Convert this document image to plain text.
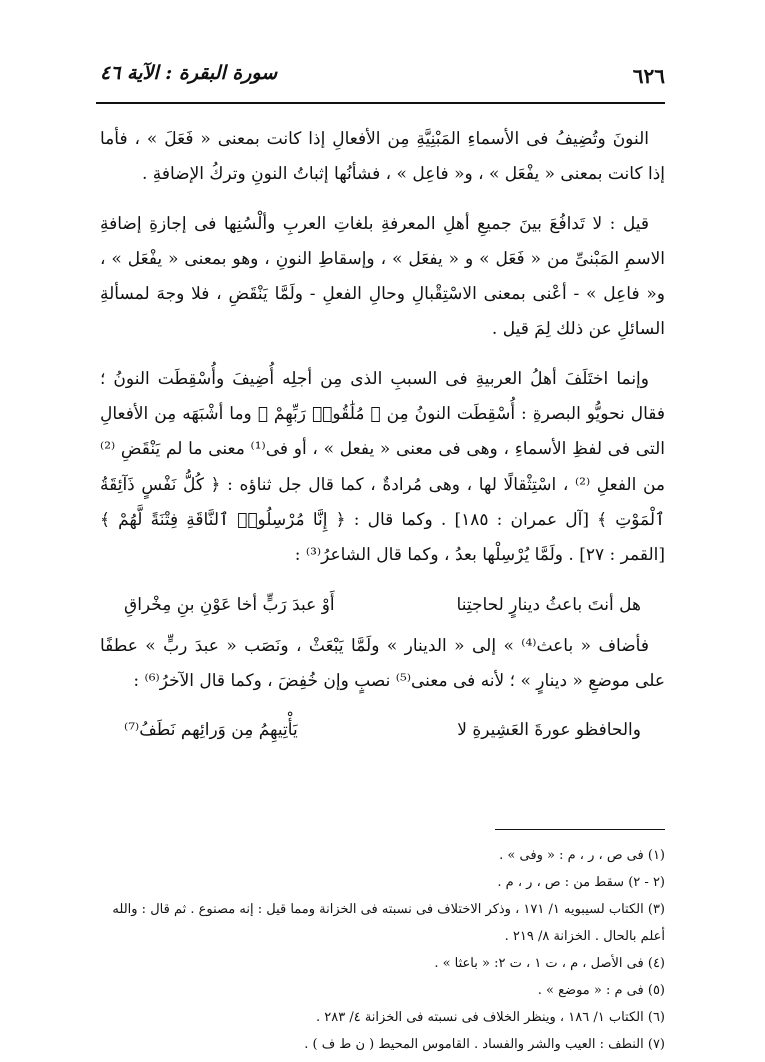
٦٢٦
سورة البقرة : الآية ٤٦

النونَ وتُضِيفُ فى الأسماءِ المَبْنِيَّةِ مِن الأفعالِ إذا كانت بمعنى « فَعَلَ » ، فأما إذا كانت بمعنى « يفْعَل » ، و« فاعِل » ، فشأنُها إثباتُ النونِ وتركُ الإضافةِ .

قيل : لا تَدافُعَ بينَ جميعِ أهلِ المعرفةِ بلغاتِ العربِ وألْسُنِها فى إجازةِ إضافةِ الاسمِ المَبْنىِّ من « فَعَل » و « يفعَل » ، وإسقاطِ النونِ ، وهو بمعنى « يفْعَل » ، و« فاعِل » - أعْنى بمعنى الاسْتِقْبالِ وحالِ الفعلِ - ولَمَّا يَنْقَضِ ، فلا وجهَ لمسألةِ السائلِ عن ذلك لِمَ قيل .

وإنما اختَلَفَ أهلُ العربيةِ فى السببِ الذى مِن أجلِه أُضِيفَ وأُسْقِطَت النونُ ؛ فقال نحويُّو البصرةِ : أُسْقِطَت النونُ مِن ﴿ مُلَٰقُوا۟ رَبِّهِمْ ﴾ وما أشْبَهَه مِن الأفعالِ التى فى لفظِ الأسماءِ ، وهى فى معنى « يفعل » ، أو فى⁽¹⁾ معنى ما لم يَنْقَضِ ⁽²⁾ من الفعلِ ⁽²⁾ ، اسْتِثْقالًا لها ، وهى مُرادةٌ ، كما قال جل ثناؤه : ﴿ كُلُّ نَفْسٍ ذَآئِقَةُ ٱلْمَوْتِ ﴾ [آل عمران : ١٨٥] . وكما قال : ﴿ إِنَّا مُرْسِلُوا۟ ٱلنَّاقَةِ فِتْنَةً لَّهُمْ ﴾ [القمر : ٢٧] . ولَمَّا يُرْسِلْها بعدُ ، وكما قال الشاعرُ⁽³⁾ :

هل أنتَ باعثُ دينارٍ لحاجتِنا
أَوْ عبدَ رَبٍّ أخا عَوْنِ بنِ مِخْراقِ

فأضاف « باعث⁽⁴⁾ » إلى « الدينار » ولَمَّا يَبْعَثْ ، ونَصَب « عبدَ ربٍّ » عطفًا على موضعِ « دينارٍ » ؛ لأنه فى معنى⁽⁵⁾ نصبٍ وإن خُفِضَ ، وكما قال الآخرُ⁽⁶⁾ :

والحافظو عورةَ العَشِيرةِ لا
يَأْتِيهِمُ مِن وَرائِهم نَطَفُ⁽⁷⁾

(١) فى ص ، ر ، م : « وفى » .

(٢ - ٢) سقط من : ص ، ر ، م .

(٣) الكتاب لسيبويه ١/ ١٧١ ، وذكر الاختلاف فى نسبته فى الخزانة ومما قيل : إنه مصنوع . ثم قال : والله أعلم بالحال . الخزانة ٨/ ٢١٩ .

(٤) فى الأصل ، م ، ت ١ ، ت ٢: « باعثا » .

(٥) فى م : « موضع » .

(٦) الكتاب ١/ ١٨٦ ، وينظر الخلاف فى نسبته فى الخزانة ٤/ ٢٨٣ .

(٧) النطف : العيب والشر والفساد . القاموس المحيط ( ن ط ف ) .
